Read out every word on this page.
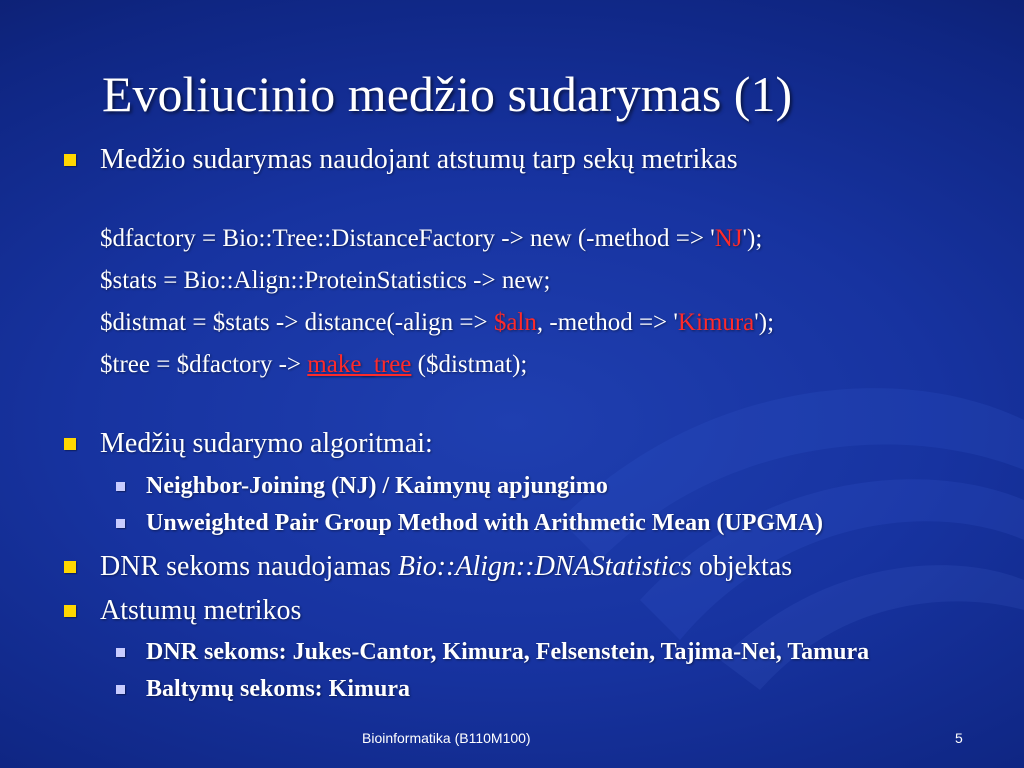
Evoliucinio medžio sudarymas (1)
Medžio sudarymas naudojant atstumų tarp sekų metrikas
$dfactory = Bio::Tree::DistanceFactory -> new (-method => 'NJ');
$stats = Bio::Align::ProteinStatistics -> new;
$distmat = $stats -> distance(-align => $aln, -method => 'Kimura');
$tree = $dfactory -> make_tree ($distmat);
Medžių sudarymo algoritmai:
Neighbor-Joining (NJ) / Kaimynų apjungimo
Unweighted Pair Group Method with Arithmetic Mean (UPGMA)
DNR sekoms naudojamas Bio::Align::DNAStatistics objektas
Atstumų metrikos
DNR sekoms: Jukes-Cantor, Kimura, Felsenstein, Tajima-Nei, Tamura
Baltymų sekoms: Kimura
Bioinformatika (B110M100)	5
